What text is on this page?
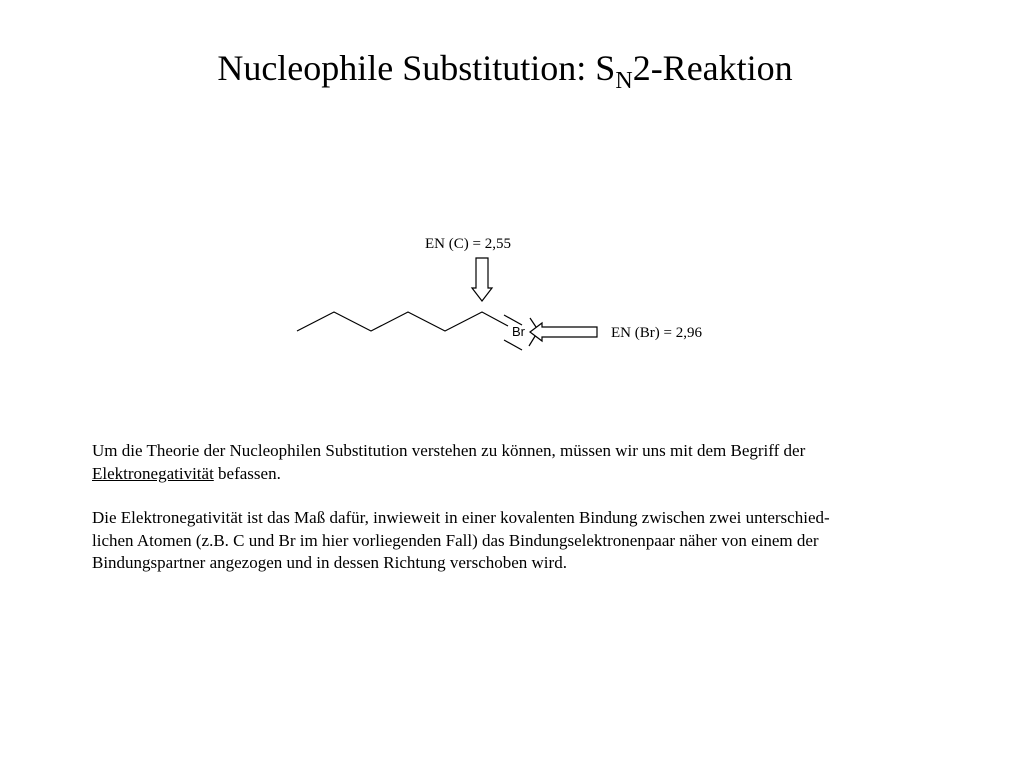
Nucleophile Substitution: $S_N2$-Reaktion
Br
EN (C) = 2,55
EN (Br) = 2,96

Um die Theorie der Nucleophilen Substitution verstehen zu können, müssen wir uns mit dem Begriff der
Elektronegativität befassen.

Die Elektronegativität ist das Maß dafür, inwieweit in einer kovalenten Bindung zwischen zwei unterschied-
lichen Atomen (z.B. C und Br im hier vorliegenden Fall) das Bindungselektronenpaar näher von einem der
Bindungspartner angezogen und in dessen Richtung verschoben wird.
